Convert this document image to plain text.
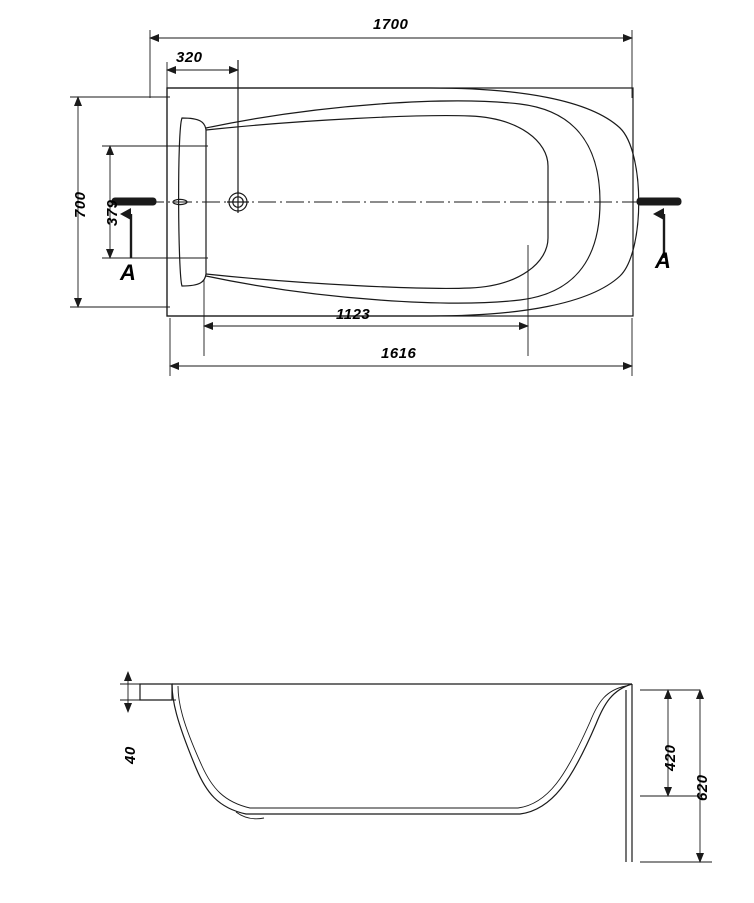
1700
320
700 379
1123
1616
A	A
40	420
620
